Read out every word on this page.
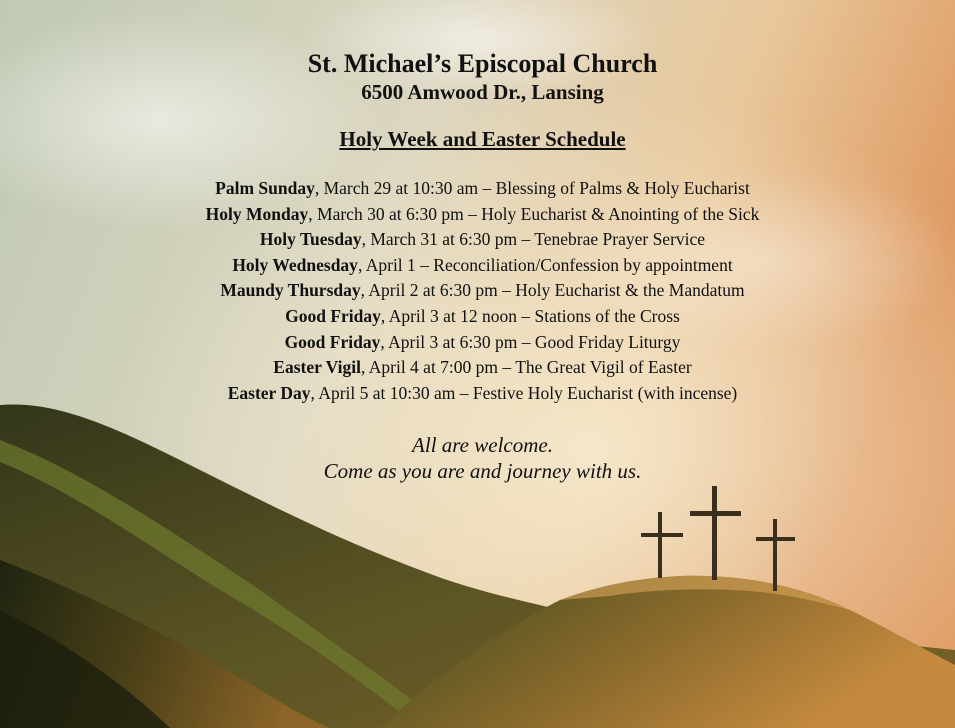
St. Michael’s Episcopal Church
6500 Amwood Dr., Lansing
Holy Week and Easter Schedule
Palm Sunday, March 29 at 10:30 am – Blessing of Palms & Holy Eucharist
Holy Monday, March 30 at 6:30 pm – Holy Eucharist & Anointing of the Sick
Holy Tuesday, March 31 at 6:30 pm – Tenebrae Prayer Service
Holy Wednesday, April 1 – Reconciliation/Confession by appointment
Maundy Thursday, April 2 at 6:30 pm – Holy Eucharist & the Mandatum
Good Friday, April 3 at 12 noon – Stations of the Cross
Good Friday, April 3 at 6:30 pm – Good Friday Liturgy
Easter Vigil, April 4 at 7:00 pm – The Great Vigil of Easter
Easter Day, April 5 at 10:30 am – Festive Holy Eucharist (with incense)
All are welcome.
Come as you are and journey with us.
